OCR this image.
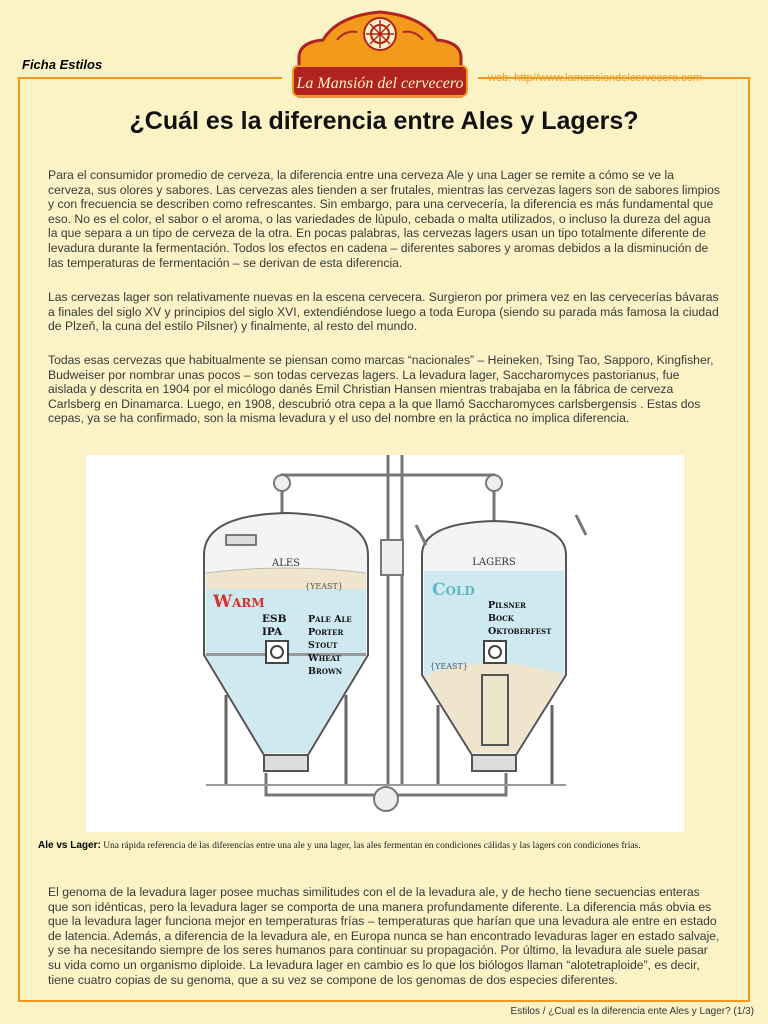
Ficha Estilos
web: http//www.lamansiondelcervecero.com
La Mansión del cervecero
¿Cuál es la diferencia entre Ales y Lagers?

Para el consumidor promedio de cerveza, la diferencia entre una cerveza Ale y una Lager se remite a cómo se ve la cerveza, sus olores y sabores. Las cervezas ales tienden a ser frutales, mientras las cervezas lagers son de sabores limpios y con frecuencia se describen como refrescantes. Sin embargo, para una cervecería, la diferencia es más fundamental que eso. No es el color, el sabor o el aroma, o las variedades de lúpulo, cebada o malta utilizados, o incluso la dureza del agua la que separa a un tipo de cerveza de la otra. En pocas palabras, las cervezas lagers usan un tipo totalmente diferente de levadura durante la fermentación. Todos los efectos en cadena – diferentes sabores y aromas debidos a la disminución de las temperaturas de fermentación – se derivan de esta diferencia.

Las cervezas lager son relativamente nuevas en la escena cervecera. Surgieron por primera vez en las cervecerías bávaras a finales del siglo XV y principios del siglo XVI, extendiéndose luego a toda Europa (siendo su parada más famosa la ciudad de Plzeň, la cuna del estilo Pilsner) y finalmente, al resto del mundo.

Todas esas cervezas que habitualmente se piensan como marcas “nacionales” – Heineken, Tsing Tao, Sapporo, Kingfisher, Budweiser por nombrar unas pocos – son todas cervezas lagers. La levadura lager, Saccharomyces pastorianus, fue aislada y descrita en 1904 por el micólogo danés Emil Christian Hansen mientras trabajaba en la fábrica de cerveza Carlsberg en Dinamarca. Luego, en 1908, descubrió otra cepa a la que llamó Saccharomyces carlsbergensis . Estas dos cepas, ya se ha confirmado, son la misma levadura y el uso del nombre en la práctica no implica diferencia.

ALES
{YEAST}
Warm
ESB
IPA
Pale Ale
Porter
Stout
Wheat
Brown
LAGERS
Cold
Pilsner
Bock
Oktoberfest
{YEAST}
Ale vs Lager: Una rápida referencia de las diferencias entre una ale y una lager, las ales fermentan en condiciones cálidas y las lagers con condiciones frías.

El genoma de la levadura lager posee muchas similitudes con el de la levadura ale, y de hecho tiene secuencias enteras que son idénticas, pero la levadura lager se comporta de una manera profundamente diferente. La diferencia más obvia es que la levadura lager funciona mejor en temperaturas frías – temperaturas que harían que una levadura ale entre en estado de latencia. Además, a diferencia de la levadura ale, en Europa nunca se han encontrado levaduras lager en estado salvaje, y se ha necesitando siempre de los seres humanos para continuar su propagación. Por último, la levadura ale suele pasar su vida como un organismo diploide. La levadura lager en cambio es lo que los biólogos llaman “alotetraploide”, es decir, tiene cuatro copias de su genoma, que a su vez se compone de los genomas de dos especies diferentes.

Estilos / ¿Cual es la diferencia ente Ales y Lager? (1/3)
